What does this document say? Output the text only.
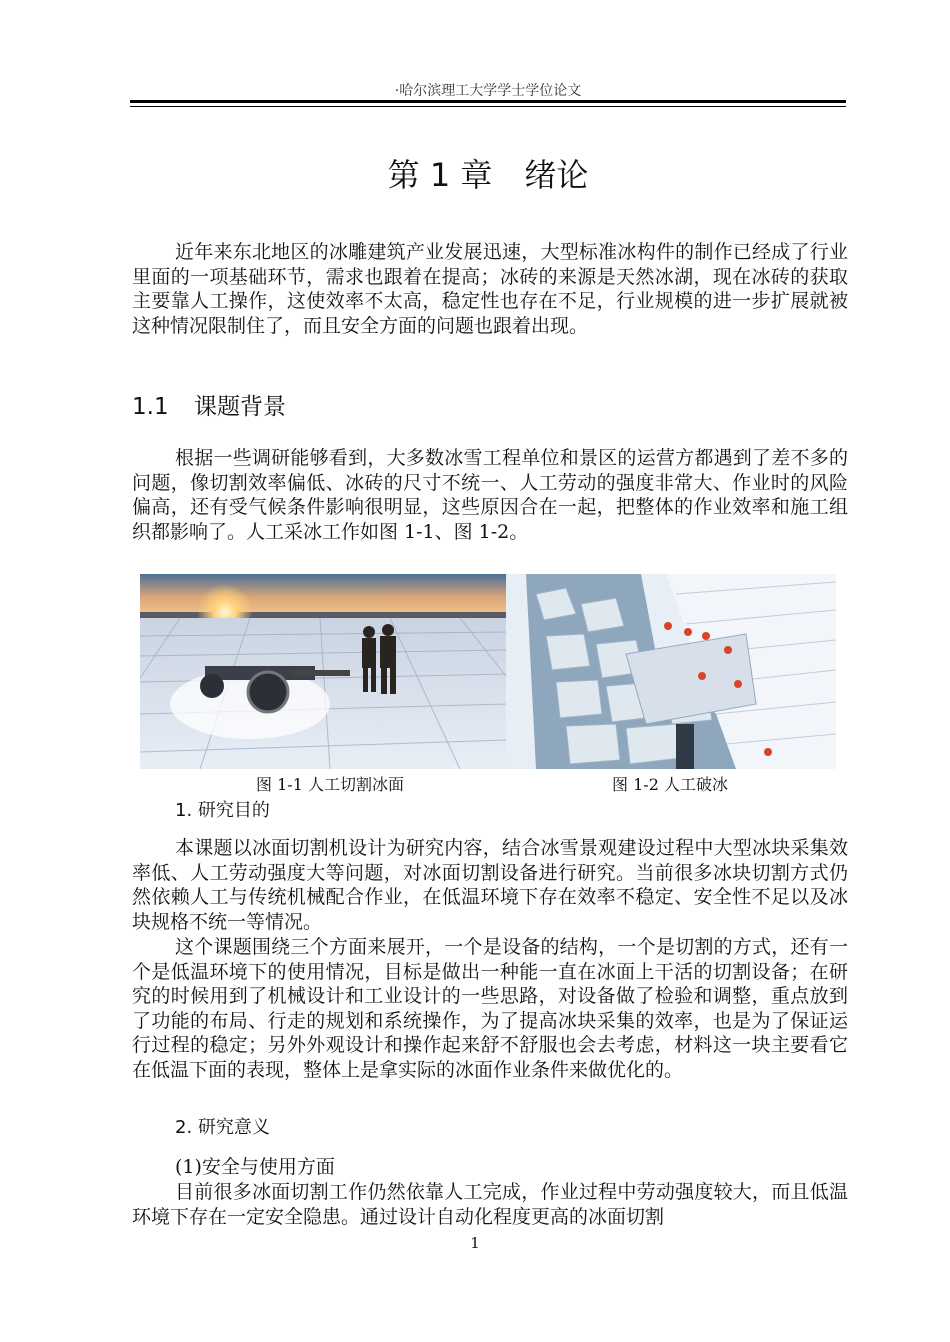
·哈尔滨理工大学学士学位论文
第 1 章　绪论

近年来东北地区的冰雕建筑产业发展迅速，大型标准冰构件的制作已经成了行业里面的一项基础环节，需求也跟着在提高；冰砖的来源是天然冰湖，现在冰砖的获取主要靠人工操作，这使效率不太高，稳定性也存在不足，行业规模的进一步扩展就被这种情况限制住了，而且安全方面的问题也跟着出现。

1.1 课题背景

根据一些调研能够看到，大多数冰雪工程单位和景区的运营方都遇到了差不多的问题，像切割效率偏低、冰砖的尺寸不统一、人工劳动的强度非常大、作业时的风险偏高，还有受气候条件影响很明显，这些原因合在一起，把整体的作业效率和施工组织都影响了。人工采冰工作如图 1-1、图 1-2。

图 1-1 人工切割冰面	图 1-2 人工破冰
1. 研究目的

本课题以冰面切割机设计为研究内容，结合冰雪景观建设过程中大型冰块采集效率低、人工劳动强度大等问题，对冰面切割设备进行研究。当前很多冰块切割方式仍然依赖人工与传统机械配合作业，在低温环境下存在效率不稳定、安全性不足以及冰块规格不统一等情况。

这个课题围绕三个方面来展开，一个是设备的结构，一个是切割的方式，还有一个是低温环境下的使用情况，目标是做出一种能一直在冰面上干活的切割设备；在研究的时候用到了机械设计和工业设计的一些思路，对设备做了检验和调整，重点放到了功能的布局、行走的规划和系统操作，为了提高冰块采集的效率，也是为了保证运行过程的稳定；另外外观设计和操作起来舒不舒服也会去考虑，材料这一块主要看它在低温下面的表现，整体上是拿实际的冰面作业条件来做优化的。

2. 研究意义

(1)安全与使用方面

目前很多冰面切割工作仍然依靠人工完成，作业过程中劳动强度较大，而且低温环境下存在一定安全隐患。通过设计自动化程度更高的冰面切割

1
